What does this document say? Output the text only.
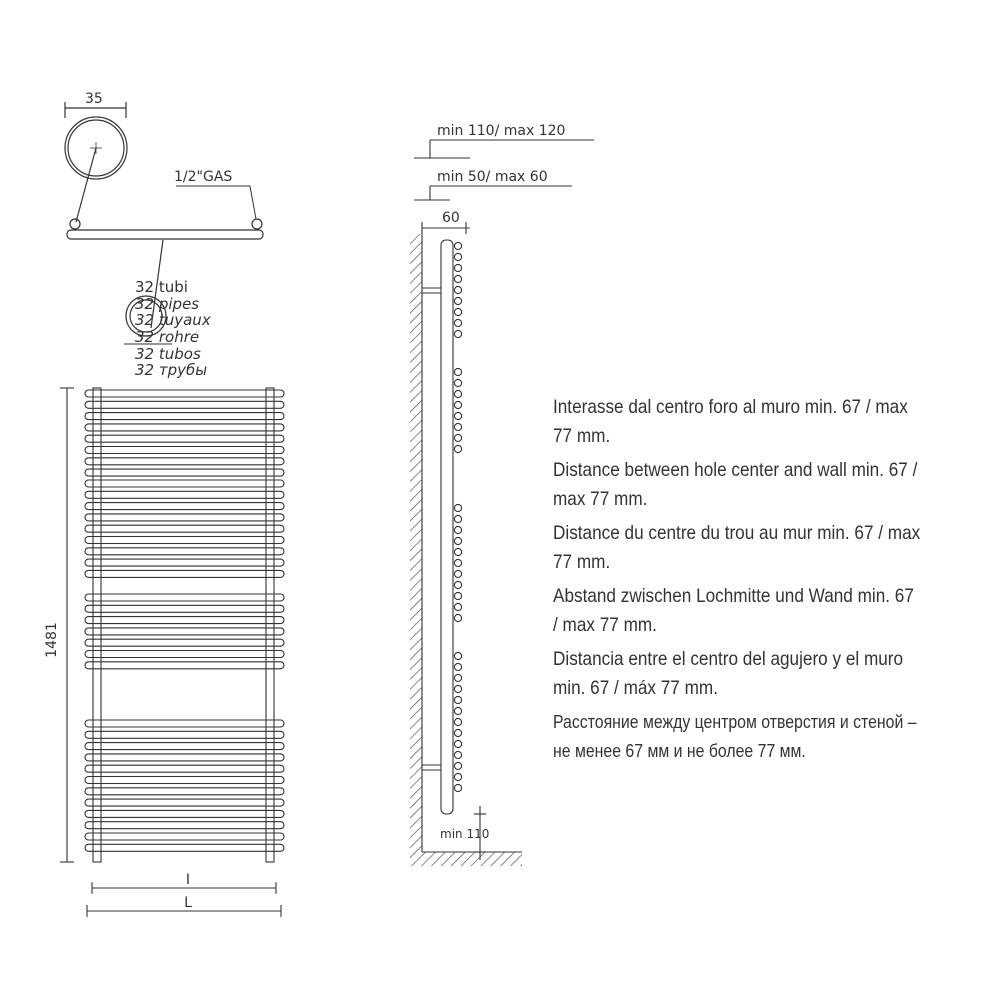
35
1/2"GAS
32 tubi
32 pipes
32 tuyaux
32 rohre
32 tubos
32 трубы
1481
I
L
min 110/ max 120
min 50/ max 60
60
min 110

Interasse dal centro foro al muro min. 67 / max 77 mm.

Distance between hole center and wall min. 67 / max 77 mm.

Distance du centre du trou au mur min. 67 / max 77 mm.

Abstand zwischen Lochmitte und Wand min. 67 / max 77 mm.

Distancia entre el centro del agujero y el muro min. 67 / máx 77 mm.

Расстояние между центром отверстия и стеной – не менее 67 мм и не более 77 мм.
